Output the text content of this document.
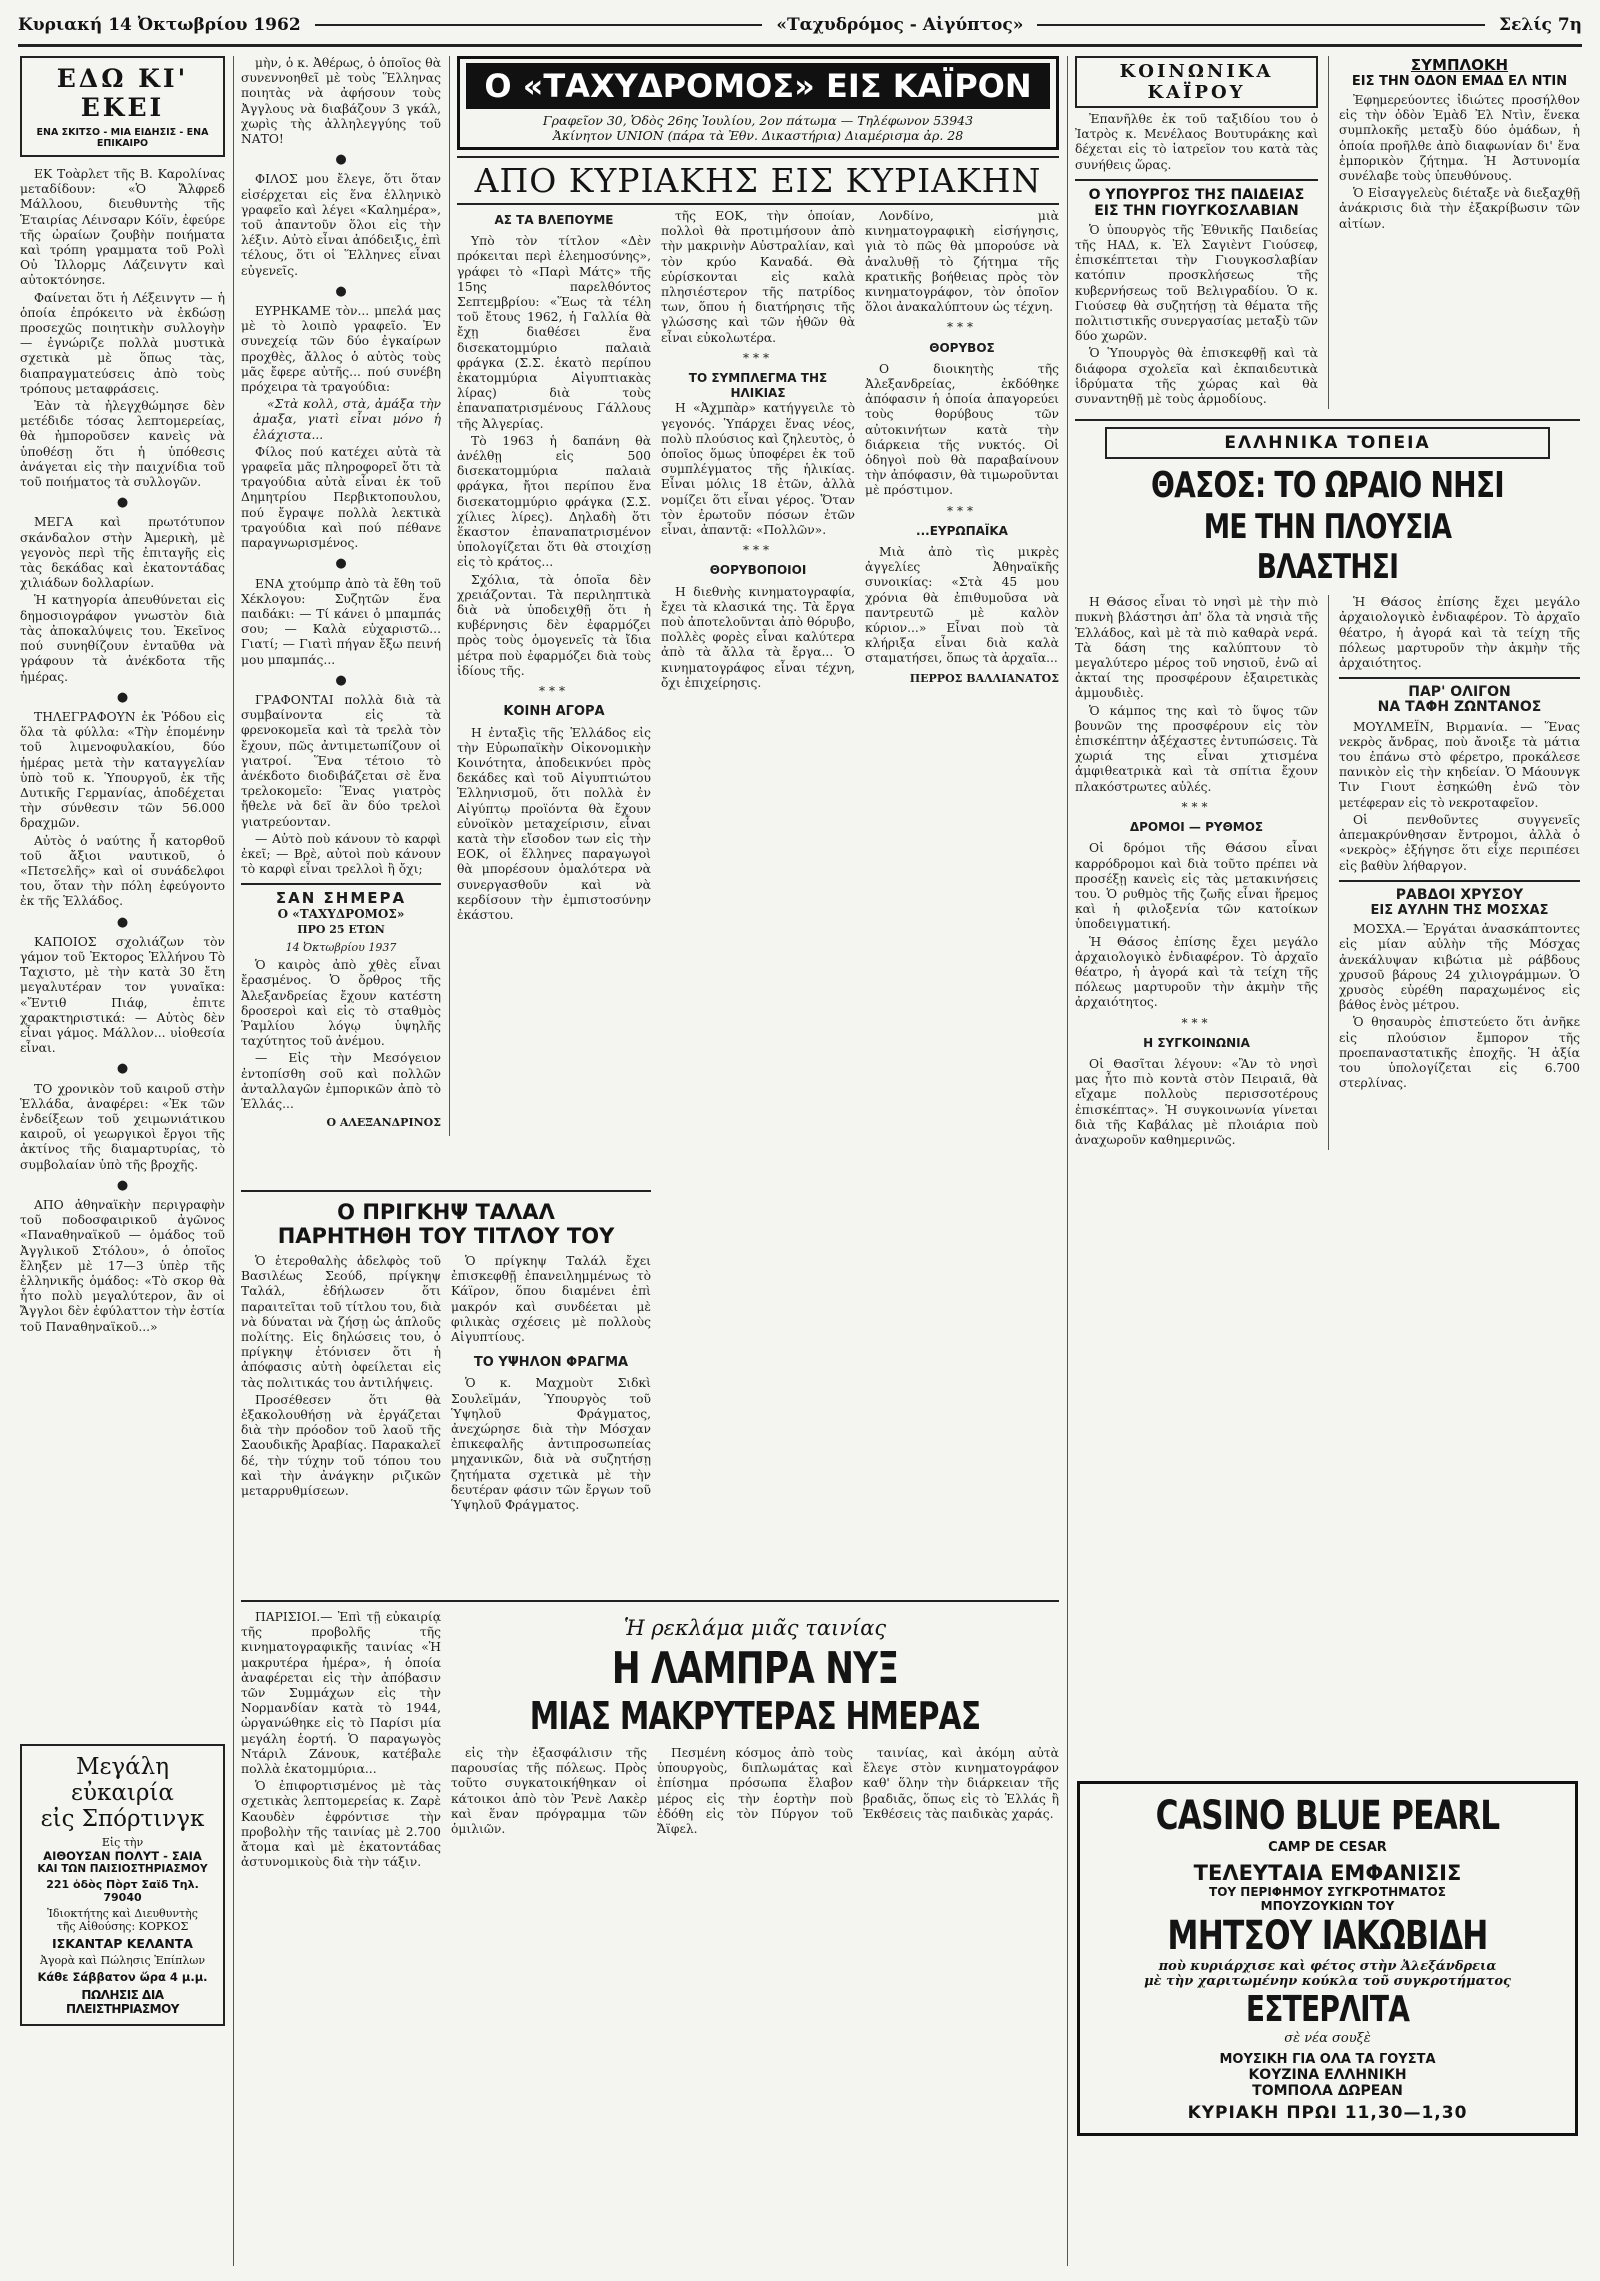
Κυριακή 14 Ὀκτωβρίου 1962	«Ταχυδρόμος - Αἰγύπτος»	Σελίς 7η
ΕΔΩ ΚΙ' ΕΚΕΙ
ΕΝΑ ΣΚΙΤΣΟ - ΜΙΑ ΕΙΔΗΣΙΣ - ΕΝΑ ΕΠΙΚΑΙΡΟ

ΕΚ Τοὰρλετ τῆς Β. Καρολίνας μεταδίδουν: «Ὁ Ἄλφρεδ Μάλλοου, διευθυντὴς τῆς Ἑταιρίας Λέινσαρν Κόϊν, ἐφεύρε τῆς ὡραίων ζουβὴν ποιήματα καὶ τρόπη γραμματα τοῦ Ρολὶ Οὐ Ἰλλορμς Λάζεινγτν καὶ αὐτοκτόνησε.

Φαίνεται ὅτι ἡ Λέξεινγτν — ἡ ὁποία ἐπρόκειτο νὰ ἐκδώσῃ προσεχῶς ποιητικὴν συλλογὴν — ἐγνώριζε πολλὰ μυστικὰ σχετικὰ μὲ ὅπως τὰς, διαπραγματεύσεις ἀπὸ τοὺς τρόπους μεταφράσεις.

Ἐὰν τὰ ἠλεγχθώμησε δὲν μετέδιδε τόσας λεπτομερείας, θὰ ἠμποροῦσεν κανεὶς νὰ ὑποθέσῃ ὅτι ἡ ὑπόθεσις ἀνάγεται εἰς τὴν παιχνίδια τοῦ τοῦ ποιήματος τὰ συλλογῶν.

●

ΜΕΓΑ καὶ πρωτότυπον σκάνδαλον στὴν Ἀμερικὴ, μὲ γεγονὸς περὶ τῆς ἐπιταγῆς εἰς τὰς δεκάδας καὶ ἐκατοντάδας χιλιάδων δολλαρίων.

Ἡ κατηγορία ἀπευθύνεται εἰς δημοσιογράφον γνωστὸν διὰ τὰς ἀποκαλύψεις του. Ἐκεῖνος πού συνηθίζουν ἐνταῦθα νὰ γράφουν τὰ ἀνέκδοτα τῆς ἡμέρας.

●

ΤΗΛΕΓΡΑΦΟΥΝ ἐκ Ῥόδου εἰς ὅλα τὰ φύλλα: «Τὴν ἑπομένην τοῦ λιμενοφυλακίου, δύο ἡμέρας μετὰ τὴν καταγγελίαν ὑπὸ τοῦ κ. Ὑπουργοῦ, ἐκ τῆς Δυτικῆς Γερμανίας, ἀποδέχεται τὴν σύνθεσιν τῶν 56.000 δραχμῶν.

Αὐτὸς ὁ ναύτης ἦ κατορθοῦ τοῦ ἄξιοι ναυτικοῦ, ὁ «Πετσελῆς» καὶ οἱ συνάδελφοι του, ὅταν τὴν πόλη ἐφεύγοντο ἐκ τῆς Ἑλλάδος.

●

ΚΑΠΟΙΟΣ σχολιάζων τὸν γάμον τοῦ Ἐκτορος Ἑλλήνου Τὸ Ταχιστο, μὲ τὴν κατὰ 30 ἔτη μεγαλυτέραν τον γυναῖκα: «Ἔντιθ Πιάφ, ἐπιτε χαρακτηριστικά: — Αὐτὸς δὲν εἶναι γάμος. Μάλλον... υἱοθεσία εἶναι.

●

ΤΟ χρονικὸν τοῦ καιροῦ στὴν Ἑλλάδα, ἀναφέρει: «Ἐκ τῶν ἐνδείξεων τοῦ χειμωνιάτικου καιροῦ, οἱ γεωργικοὶ ἔργοι τῆς ἀκτίνος τῆς διαμαρτυρίας, τὸ συμβολαίαν ὑπὸ τῆς βροχῆς.

●

ΑΠΟ ἀθηναϊκὴν περιγραφὴν τοῦ ποδοσφαιρικοῦ ἀγῶνος «Παναθηναϊκοῦ — ὁμάδος τοῦ Ἀγγλικοῦ Στόλου», ὁ ὁποῖος ἔληξεν μὲ 17—3 ὑπὲρ τῆς ἑλληνικῆς ὁμάδος: «Τὸ σκορ θὰ ἦτο πολὺ μεγαλύτερον, ἂν οἱ Ἄγγλοι δὲν ἐφύλαττον τὴν ἑστία τοῦ Παναθηναϊκοῦ...»

Μεγάλη εὐκαιρία
εἰς Σπόρτινγκ
Εἰς τὴν
ΑΙΘΟΥΣΑΝ ΠΟΛΥΤ - ΣΑΙΑ
ΚΑΙ ΤΩΝ ΠΑΙΣΙΟΣΤΗΡΙΑΣΜΟΥ
221 ὁδὸς Πὸρτ Σαϊδ Τηλ. 79040
Ἰδιοκτήτης καὶ Διευθυντὴς
τῆς Αἰθούσης: ΚΟΡΚΟΣ
ΙΣΚΑΝΤΑΡ ΚΕΛΑΝΤΑ
Ἀγορὰ καὶ Πώλησις Ἐπίπλων
Κάθε Σάββατον ὥρα 4 μ.μ.
ΠΩΛΗΣΙΣ ΔΙΑ ΠΛΕΙΣΤΗΡΙΑΣΜΟΥ

μὴν, ὁ κ. Ἀθέρως, ὁ ὁποῖος θὰ συνεννοηθεῖ μὲ τοὺς Ἕλληνας ποιητὰς νὰ ἀφήσουν τοὺς Ἀγγλους νὰ διαβάζουν 3 γκάλ, χωρὶς τὴς ἀλληλεγγύης τοῦ ΝΑΤΟ!

●

ΦΙΛΟΣ μου ἔλεγε, ὅτι ὅταν εἰσέρχεται εἰς ἕνα ἑλληνικὸ γραφεῖο καὶ λέγει «Καλημέρα», τοῦ ἀπαντοῦν ὅλοι εἰς τὴν λέξιν. Αὐτὸ εἶναι ἀπόδειξις, ἐπὶ τέλους, ὅτι οἱ Ἕλληνες εἶναι εὐγενεῖς.

●

ΕΥΡΗΚΑΜΕ τὸν... μπελά μας μὲ τὸ λοιπὸ γραφεῖο. Ἐν συνεχείᾳ τῶν δύο ἐγκαίρων προχθὲς, ἄλλος ὁ αὐτὸς τοὺς μᾶς ἔφερε αὐτῆς... πού συνέβη πρόχειρα τὰ τραγούδια:

«Στὰ κολλ, στὰ, ἀμάξα τὴν ἀμαξα, γιατὶ εἶναι μόνο ἡ ἐλάχιστα...

Φίλος πού κατέχει αὐτὰ τὰ γραφεῖα μᾶς πληροφορεῖ ὅτι τὰ τραγούδια αὐτὰ εἶναι ἐκ τοῦ Δημητρίου Περβικτοπουλου, πού ἔγραψε πολλὰ λεκτικὰ τραγούδια καὶ πού πέθανε παραγνωρισμένος.

●

ΕΝΑ χτούμπρ ἀπὸ τὰ ἔθη τοῦ Χέκλογου: Συζητῶν ἕνα παιδάκι: — Τί κάνει ὁ μπαμπάς σου; — Καλὰ εὐχαριστῶ... Γιατί; — Γιατὶ πήγαν ἔξω πεινή μου μπαμπάς...

●

ΓΡΑΦΟΝΤΑΙ πολλὰ διὰ τὰ συμβαίνοντα εἰς τὰ φρενοκομεῖα καὶ τὰ τρελὰ τὸν ἔχουν, πῶς ἀντιμετωπίζουν οἱ γιατροί. Ἕνα τέτοιο τὸ ἀνέκδοτο διοδιβάζεται σὲ ἕνα τρελοκομεῖο: Ἕνας γιατρὸς ἤθελε νὰ δεῖ ἂν δύο τρελοὶ γιατρεύονταν.

— Αὐτὸ ποὺ κάνουν τὸ καρφὶ ἐκεῖ; — Βρὲ, αὐτοὶ ποὺ κάνουν τὸ καρφὶ εἶναι τρελλοὶ ἢ ὄχι;

ΣΑΝ ΣΗΜΕΡΑ
Ο «ΤΑΧΥΔΡΟΜΟΣ»
ΠΡΟ 25 ΕΤΩΝ
14 Ὀκτωβρίου 1937

Ὁ καιρὸς ἀπὸ χθὲς εἶναι ἔρασμένος. Ὁ ὄρθρος τῆς Ἀλεξανδρείας ἔχουν κατέστη δροσεροὶ καὶ εἰς τὸ σταθμὸς Ῥαμλίου λόγῳ ὑψηλῆς ταχύτητος τοῦ ἀνέμου.

— Εἰς τὴν Μεσόγειον ἐντοπίσθη σοῦ καὶ πολλῶν ἀνταλλαγῶν ἐμπορικῶν ἀπὸ τὸ Ἑλλάς...

Ο ΑΛΕΞΑΝΔΡΙΝΟΣ
Ο «ΤΑΧΥΔΡΟΜΟΣ» ΕΙΣ ΚΑΪΡΟΝ
Γραφεῖον 30, Ὁδὸς 26ης Ἰουλίου, 2ον πάτωμα — Τηλέφωνον 53943
Ἀκίνητον UNION (πάρα τὰ Ἐθν. Δικαστήρια) Διαμέρισμα ἀρ. 28
ΑΠΟ ΚΥΡΙΑΚΗΣ ΕΙΣ ΚΥΡΙΑΚΗΝ
ΑΣ ΤΑ ΒΛΕΠΟΥΜΕ

Υπὸ τὸν τίτλον «Δὲν πρόκειται περὶ ἐλεημοσύνης», γράφει τὸ «Παρὶ Μάτς» τῆς 15ης παρελθόντος Σεπτεμβρίου: «Ἕως τὰ τέλη τοῦ ἔτους 1962, ἡ Γαλλία θὰ ἔχῃ διαθέσει ἕνα δισεκατομμύριο παλαιὰ φράγκα (Σ.Σ. ἑκατὸ περίπου ἑκατομμύρια Αἰγυπτιακὰς λίρας) διὰ τοὺς ἐπαναπατρισμένους Γάλλους τῆς Ἀλγερίας.

Τὸ 1963 ἡ δαπάνη θὰ ἀνέλθῃ εἰς 500 δισεκατομμύρια παλαιὰ φράγκα, ἤτοι περίπου ἕνα δισεκατομμύριο φράγκα (Σ.Σ. χίλιες λίρες). Δηλαδὴ ὅτι ἕκαστον ἐπαναπατρισμένον ὑπολογίζεται ὅτι θὰ στοιχίσῃ εἰς τὸ κράτος...

Σχόλια, τὰ ὁποῖα δὲν χρειάζονται. Τὰ περιληπτικὰ διὰ νὰ ὑποδειχθῇ ὅτι ἡ κυβέρνησις δὲν ἐφαρμόζει πρὸς τοὺς ὁμογενεῖς τὰ ἴδια μέτρα ποὺ ἐφαρμόζει διὰ τοὺς ἰδίους τῆς.

***
ΚΟΙΝΗ ΑΓΟΡΑ

Η ἐνταξὶς τῆς Ἑλλάδος εἰς τὴν Εὐρωπαϊκὴν Οἰκονομικὴν Κοινότητα, ἀποδεικνύει πρὸς δεκάδες καὶ τοῦ Αἰγυπτιώτου Ἑλληνισμοῦ, ὅτι πολλὰ ἐν Αἰγύπτῳ προϊόντα θὰ ἔχουν εὐνοϊκὸν μεταχείρισιν, εἶναι κατὰ τὴν εἴσοδον των εἰς τὴν ΕΟΚ, οἱ ἕλληνες παραγωγοὶ θὰ μπορέσουν ὁμαλότερα νὰ συνεργασθοῦν καὶ νὰ κερδίσουν τὴν ἐμπιστοσύνην ἑκάστου.

τῆς ΕΟΚ, τὴν ὁποίαν, πολλοὶ θὰ προτιμήσουν ἀπὸ τὴν μακρινὴν Αὐστραλίαν, καὶ τὸν κρύο Καναδά. Θὰ εὑρίσκονται εἰς καλὰ πλησιέστερον τῆς πατρίδος των, ὅπου ἡ διατήρησις τῆς γλώσσης καὶ τῶν ἠθῶν θὰ εἶναι εὐκολωτέρα.

***
ΤΟ ΣΥΜΠΛΕΓΜΑ ΤΗΣ ΗΛΙΚΙΑΣ

Η «Ἀχμπὰρ» κατήγγειλε τὸ γεγονός. Ὑπάρχει ἕνας νέος, πολὺ πλούσιος καὶ ζηλευτὸς, ὁ ὁποῖος ὅμως ὑποφέρει ἐκ τοῦ συμπλέγματος τῆς ἡλικίας. Εἶναι μόλις 18 ἐτῶν, ἀλλὰ νομίζει ὅτι εἶναι γέρος. Ὅταν τὸν ἐρωτοῦν πόσων ἐτῶν εἶναι, ἀπαντᾷ: «Πολλῶν».

***
ΘΟΡΥΒΟΠΟΙΟΙ

Η διεθνὴς κινηματογραφία, ἔχει τὰ κλασικά της. Τὰ ἔργα ποὺ ἀποτελοῦνται ἀπὸ θόρυβο, πολλὲς φορὲς εἶναι καλύτερα ἀπὸ τὰ ἄλλα τὰ ἔργα... Ὁ κινηματογράφος εἶναι τέχνη, ὄχι ἐπιχείρησις.

Λονδίνο, μιὰ κινηματογραφικὴ εἰσήγησις, γιὰ τὸ πῶς θὰ μπορούσε νὰ ἀναλυθῇ τὸ ζήτημα τῆς κρατικῆς βοήθειας πρὸς τὸν κινηματογράφον, τὸν ὁποῖον ὅλοι ἀνακαλύπτουν ὡς τέχνη.

***
ΘΟΡΥΒΟΣ

Ο διοικητὴς τῆς Ἀλεξανδρείας, ἐκδόθηκε ἀπόφασιν ἡ ὁποία ἀπαγορεύει τοὺς θορύβους τῶν αὐτοκινήτων κατὰ τὴν διάρκεια τῆς νυκτός. Οἱ ὁδηγοὶ ποὺ θὰ παραβαίνουν τὴν ἀπόφασιν, θὰ τιμωροῦνται μὲ πρόστιμον.

***
...ΕΥΡΩΠΑΪΚΑ

Μιὰ ἀπὸ τὶς μικρὲς ἀγγελίες Ἀθηναϊκῆς συνοικίας: «Στὰ 45 μου χρόνια θὰ ἐπιθυμοῦσα νὰ παντρευτῶ μὲ καλὸν κύριον...» Εἶναι ποὺ τὰ κλήριξα εἶναι διὰ καλὰ σταματήσει, ὅπως τὰ ἀρχαῖα...

ΠΕΡΡΟΣ ΒΑΛΛΙΑΝΑΤΟΣ
Ο ΠΡΙΓΚΗΨ ΤΑΛΑΛ
ΠΑΡΗΤΗΘΗ ΤΟΥ ΤΙΤΛΟΥ ΤΟΥ

Ὁ ἑτεροθαλὴς ἀδελφὸς τοῦ Βασιλέως Σεούδ, πρίγκηψ Ταλάλ, ἐδήλωσεν ὅτι παραιτεῖται τοῦ τίτλου του, διὰ νὰ δύναται νὰ ζήσῃ ὡς ἁπλοῦς πολίτης. Εἰς δηλώσεις του, ὁ πρίγκηψ ἐτόνισεν ὅτι ἡ ἀπόφασις αὐτὴ ὀφείλεται εἰς τὰς πολιτικάς του ἀντιλήψεις.

Προσέθεσεν ὅτι θὰ ἐξακολουθήσῃ νὰ ἐργάζεται διὰ τὴν πρόοδον τοῦ λαοῦ τῆς Σαουδικῆς Ἀραβίας. Παρακαλεῖ δέ, τὴν τύχην τοῦ τόπου του καὶ τὴν ἀνάγκην ριζικῶν μεταρρυθμίσεων.

Ὁ πρίγκηψ Ταλάλ ἔχει ἐπισκεφθῇ ἐπανειλημμένως τὸ Κάϊρον, ὅπου διαμένει ἐπὶ μακρόν καὶ συνδέεται μὲ φιλικὰς σχέσεις μὲ πολλοὺς Αἰγυπτίους.

ΤΟ ΥΨΗΛΟΝ ΦΡΑΓΜΑ

Ὁ κ. Μαχμοὺτ Σιδκὶ Σουλεϊμάν, Ὑπουργὸς τοῦ Ὑψηλοῦ Φράγματος, ἀνεχώρησε διὰ τὴν Μόσχαν ἐπικεφαλῆς ἀντιπροσωπείας μηχανικῶν, διὰ νὰ συζητήσῃ ζητήματα σχετικὰ μὲ τὴν δευτέραν φάσιν τῶν ἔργων τοῦ Ὑψηλοῦ Φράγματος.

ΠΑΡΙΣΙΟΙ.— Ἐπὶ τῇ εὐκαιρίᾳ τῆς προβολῆς τῆς κινηματογραφικῆς ταινίας «Ἡ μακρυτέρα ἡμέρα», ἡ ὁποία ἀναφέρεται εἰς τὴν ἀπόβασιν τῶν Συμμάχων εἰς τὴν Νορμανδίαν κατὰ τὸ 1944, ὠργανώθηκε εἰς τὸ Παρίσι μία μεγάλη ἑορτή. Ὁ παραγωγὸς Ντάριλ Ζάνουκ, κατέβαλε πολλὰ ἑκατομμύρια...

Ὁ ἐπιφορτισμένος μὲ τὰς σχετικὰς λεπτομερείας κ. Ζαρὲ Καουδὲν ἐφρόντισε τὴν προβολὴν τῆς ταινίας μὲ 2.700 ἄτομα καὶ μὲ ἐκατοντάδας ἀστυνομικοὺς διὰ τὴν τάξιν.

Ἡ ρεκλάμα μιᾶς ταινίας
Η ΛΑΜΠΡΑ ΝΥΞ
ΜΙΑΣ ΜΑΚΡΥΤΕΡΑΣ ΗΜΕΡΑΣ

εἰς τὴν ἐξασφάλισιν τῆς παρουσίας τῆς πόλεως. Πρὸς τοῦτο συγκατοικήθηκαν οἱ κάτοικοι ἀπὸ τὸν Ῥενὲ Λακὲρ καὶ ἕναν πρόγραμμα τῶν ὁμιλιῶν.

Πεσμένη κόσμος ἀπὸ τοὺς ὑπουργοὺς, διπλωμάτας καὶ ἐπίσημα πρόσωπα ἔλαβον μέρος εἰς τὴν ἑορτὴν ποὺ ἐδόθη εἰς τὸν Πύργον τοῦ Ἄϊφελ.

ταινίας, καὶ ἀκόμη αὐτὰ ἔλεγε στὸν κινηματογράφον καθ' ὅλην τὴν διάρκειαν τῆς βραδιᾶς, ὅπως εἰς τὸ Ἑλλάς ἢ Ἐκθέσεις τὰς παιδικὰς χαράς.

ΚΟΙΝΩΝΙΚΑ ΚΑΪΡΟΥ

Ἐπανῆλθε ἐκ τοῦ ταξιδίου του ὁ Ἰατρὸς κ. Μενέλαος Βουτυράκης καὶ δέχεται εἰς τὸ ἰατρεῖον του κατὰ τὰς συνήθεις ὥρας.

Ο ΥΠΟΥΡΓΟΣ ΤΗΣ ΠΑΙΔΕΙΑΣ
ΕΙΣ ΤΗΝ ΓΙΟΥΓΚΟΣΛΑΒΙΑΝ

Ὁ ὑπουργὸς τῆς Ἐθνικῆς Παιδείας τῆς ΗΑΔ, κ. Ἐλ Σαγιὲντ Γιούσεφ, ἐπισκέπτεται τὴν Γιουγκοσλαβίαν κατόπιν προσκλήσεως τῆς κυβερνήσεως τοῦ Βελιγραδίου. Ὁ κ. Γιούσεφ θὰ συζητήσῃ τὰ θέματα τῆς πολιτιστικῆς συνεργασίας μεταξὺ τῶν δύο χωρῶν.

Ὁ Ὑπουργὸς θὰ ἐπισκεφθῇ καὶ τὰ διάφορα σχολεῖα καὶ ἐκπαιδευτικὰ ἱδρύματα τῆς χώρας καὶ θὰ συναντηθῇ μὲ τοὺς ἁρμοδίους.

ΣΥΜΠΛΟΚΗ
ΕΙΣ ΤΗΝ ΟΔΟΝ ΕΜΑΔ ΕΛ ΝΤΙΝ

Ἐφημερεύοντες ἰδιώτες προσήλθον εἰς τὴν ὁδὸν Ἐμὰδ Ἐλ Ντὶν, ἕνεκα συμπλοκῆς μεταξὺ δύο ὁμάδων, ἡ ὁποία προῆλθε ἀπὸ διαφωνίαν δι' ἕνα ἐμπορικὸν ζήτημα. Ἡ Ἀστυνομία συνέλαβε τοὺς ὑπευθύνους.

Ὁ Εἰσαγγελεὺς διέταξε νὰ διεξαχθῇ ἀνάκρισις διὰ τὴν ἐξακρίβωσιν τῶν αἰτίων.

ΕΛΛΗΝΙΚΑ ΤΟΠΕΙΑ
ΘΑΣΟΣ: ΤΟ ΩΡΑΙΟ ΝΗΣΙ
ΜΕ ΤΗΝ ΠΛΟΥΣΙΑ ΒΛΑΣΤΗΣΙ

Η Θάσος εἶναι τὸ νησὶ μὲ τὴν πιὸ πυκνὴ βλάστησι ἀπ' ὅλα τὰ νησιὰ τῆς Ἑλλάδος, καὶ μὲ τὰ πιὸ καθαρὰ νερά. Τὰ δάση της καλύπτουν τὸ μεγαλύτερο μέρος τοῦ νησιοῦ, ἐνῶ αἱ ἀκταί της προσφέρουν ἐξαιρετικὰς ἀμμουδιὲς.

Ὁ κάμπος της καὶ τὸ ὕψος τῶν βουνῶν της προσφέρουν εἰς τὸν ἐπισκέπτην ἀξέχαστες ἐντυπώσεις. Τὰ χωριά της εἶναι χτισμένα ἀμφιθεατρικὰ καὶ τὰ σπίτια ἔχουν πλακόστρωτες αὐλές.

***
ΔΡΟΜΟΙ — ΡΥΘΜΟΣ

Οἱ δρόμοι τῆς Θάσου εἶναι καρρόδρομοι καὶ διὰ τοῦτο πρέπει νὰ προσέξῃ κανεὶς εἰς τὰς μετακινήσεις του. Ὁ ρυθμὸς τῆς ζωῆς εἶναι ἥρεμος καὶ ἡ φιλοξενία τῶν κατοίκων ὑποδειγματική.

Ἡ Θάσος ἐπίσης ἔχει μεγάλο ἀρχαιολογικὸ ἐνδιαφέρον. Τὸ ἀρχαῖο θέατρο, ἡ ἀγορά καὶ τὰ τείχη τῆς πόλεως μαρτυροῦν τὴν ἀκμὴν τῆς ἀρχαιότητος.

***
Η ΣΥΓΚΟΙΝΩΝΙΑ

Οἱ Θασῖται λέγουν: «Ἂν τὸ νησὶ μας ἦτο πιὸ κοντὰ στὸν Πειραιᾶ, θὰ εἴχαμε πολλοὺς περισσοτέρους ἐπισκέπτας». Ἡ συγκοινωνία γίνεται διὰ τῆς Καβάλας μὲ πλοιάρια ποὺ ἀναχωροῦν καθημερινῶς.

Ἡ Θάσος ἐπίσης ἔχει μεγάλο ἀρχαιολογικὸ ἐνδιαφέρον. Τὸ ἀρχαῖο θέατρο, ἡ ἀγορά καὶ τὰ τείχη τῆς πόλεως μαρτυροῦν τὴν ἀκμὴν τῆς ἀρχαιότητος.

ΠΑΡ' ΟΛΙΓΟΝ
ΝΑ ΤΑΦΗ ΖΩΝΤΑΝΟΣ

ΜΟΥΛΜΕΪΝ, Βιρμανία. — Ἕνας νεκρὸς ἄνδρας, ποὺ ἄνοιξε τὰ μάτια του ἐπάνω στὸ φέρετρο, προκάλεσε πανικὸν εἰς τὴν κηδείαν. Ὁ Μάουνγκ Τιν Γιουτ ἐσηκώθη ἐνῶ τὸν μετέφεραν εἰς τὸ νεκροταφεῖον.

Οἱ πενθοῦντες συγγενεῖς ἀπεμακρύνθησαν ἔντρομοι, ἀλλὰ ὁ «νεκρὸς» ἐξήγησε ὅτι εἶχε περιπέσει εἰς βαθὺν λήθαργον.

ΡΑΒΔΟΙ ΧΡΥΣΟΥ
ΕΙΣ ΑΥΛΗΝ ΤΗΣ ΜΟΣΧΑΣ

ΜΟΣΧΑ.— Ἐργάται ἀνασκάπτοντες εἰς μίαν αὐλὴν τῆς Μόσχας ἀνεκάλυψαν κιβώτια μὲ ράβδους χρυσοῦ βάρους 24 χιλιογράμμων. Ὁ χρυσὸς εὑρέθη παραχωμένος εἰς βάθος ἑνὸς μέτρου.

Ὁ θησαυρὸς ἐπιστεύετο ὅτι ἀνῆκε εἰς πλούσιον ἔμπορον τῆς προεπαναστατικῆς ἐποχῆς. Ἡ ἀξία του ὑπολογίζεται εἰς 6.700 στερλίνας.

CASINO BLUE PEARL
CAMP DE CESAR
ΤΕΛΕΥΤΑΙΑ ΕΜΦΑΝΙΣΙΣ
ΤΟΥ ΠΕΡΙΦΗΜΟΥ ΣΥΓΚΡΟΤΗΜΑΤΟΣ
ΜΠΟΥΖΟΥΚΙΩΝ ΤΟΥ
ΜΗΤΣΟΥ ΙΑΚΩΒΙΔΗ
ποὺ κυριάρχισε καὶ φέτος στὴν Ἀλεξάνδρεια
μὲ τὴν χαριτωμένην κούκλα τοῦ συγκροτήματος
ΕΣΤΕΡΛΙΤΑ
σὲ νέα σουξὲ
ΜΟΥΣΙΚΗ ΓΙΑ ΟΛΑ ΤΑ ΓΟΥΣΤΑ
ΚΟΥΖΙΝΑ ΕΛΛΗΝΙΚΗ
ΤΟΜΠΟΛΑ ΔΩΡΕΑΝ
ΚΥΡΙΑΚΗ ΠΡΩΙ 11,30—1,30
